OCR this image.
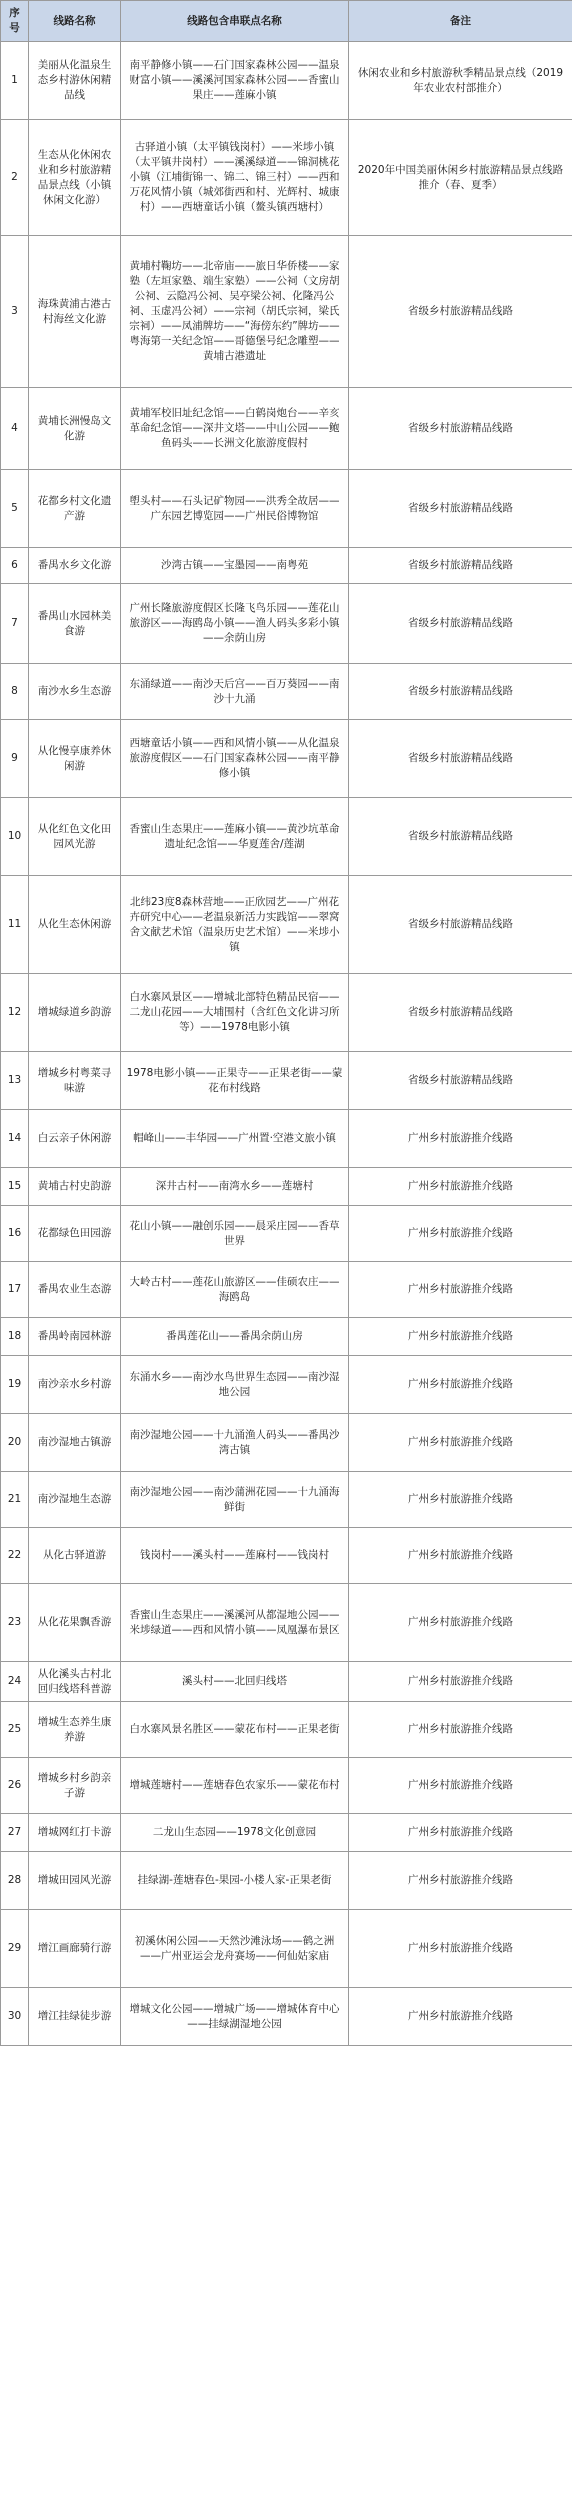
序号	线路名称	线路包含串联点名称	备注
1	美丽从化温泉生态乡村游休闲精品线	南平静修小镇——石门国家森林公园——温泉财富小镇——溪溪河国家森林公园——香蜜山果庄——莲麻小镇	休闲农业和乡村旅游秋季精品景点线（2019年农业农村部推介）
2	生态从化休闲农业和乡村旅游精品景点线（小镇休闲文化游）	古驿道小镇（太平镇钱岗村）——米埗小镇（太平镇井岗村）——溪溪绿道——锦洞桃花小镇（江埔街锦一、锦二、锦三村）——西和万花风情小镇（城郊街西和村、光辉村、城康村）——西塘童话小镇（鳌头镇西塘村）	2020年中国美丽休闲乡村旅游精品景点线路推介（春、夏季）
3	海珠黄浦古港古村海丝文化游	黄埔村鞠坊——北帝庙——旅日华侨楼——家塾（左垣家塾、端生家塾）——公祠（文房胡公祠、云隐冯公祠、吴亭梁公祠、化隆冯公祠、玉虚冯公祠）——宗祠（胡氏宗祠，梁氏宗祠）——凤浦牌坊——“海傍东约”牌坊——粤海第一关纪念馆——哥德堡号纪念雕塑——黄埔古港遗址	省级乡村旅游精品线路
4	黄埔长洲慢岛文化游	黄埔军校旧址纪念馆——白鹤岗炮台——辛亥革命纪念馆——深井文塔——中山公园——鲍鱼码头——长洲文化旅游度假村	省级乡村旅游精品线路
5	花都乡村文化遗产游	塱头村——石头记矿物园——洪秀全故居——广东园艺博览园——广州民俗博物馆	省级乡村旅游精品线路
6	番禺水乡文化游	沙湾古镇——宝墨园——南粤苑	省级乡村旅游精品线路
7	番禺山水园林美食游	广州长隆旅游度假区长隆飞鸟乐园——莲花山旅游区——海鸥岛小镇——渔人码头多彩小镇——余荫山房	省级乡村旅游精品线路
8	南沙水乡生态游	东涌绿道——南沙天后宫——百万葵园——南沙十九涌	省级乡村旅游精品线路
9	从化慢享康养休闲游	西塘童话小镇——西和风情小镇——从化温泉旅游度假区——石门国家森林公园——南平静修小镇	省级乡村旅游精品线路
10	从化红色文化田园风光游	香蜜山生态果庄——莲麻小镇——黄沙坑革命遗址纪念馆——华夏莲舍/莲湖	省级乡村旅游精品线路
11	从化生态休闲游	北纬23度8森林营地——正欣园艺——广州花卉研究中心——老温泉新活力实践馆——翠窝舍文献艺术馆（温泉历史艺术馆）——米埗小镇	省级乡村旅游精品线路
12	增城绿道乡韵游	白水寨风景区——增城北部特色精品民宿——二龙山花园——大埔围村（含红色文化讲习所等）——1978电影小镇	省级乡村旅游精品线路
13	增城乡村粤菜寻味游	1978电影小镇——正果寺——正果老街——蒙花布村线路	省级乡村旅游精品线路
14	白云亲子休闲游	帽峰山——丰华园——广州置·空港文旅小镇	广州乡村旅游推介线路
15	黄埔古村史韵游	深井古村——南湾水乡——莲塘村	广州乡村旅游推介线路
16	花都绿色田园游	花山小镇——融创乐园——晨采庄园——香草世界	广州乡村旅游推介线路
17	番禺农业生态游	大岭古村——莲花山旅游区——佳硕农庄——海鸥岛	广州乡村旅游推介线路
18	番禺岭南园林游	番禺莲花山——番禺余荫山房	广州乡村旅游推介线路
19	南沙亲水乡村游	东涌水乡——南沙水鸟世界生态园——南沙湿地公园	广州乡村旅游推介线路
20	南沙湿地古镇游	南沙湿地公园——十九涌渔人码头——番禺沙湾古镇	广州乡村旅游推介线路
21	南沙湿地生态游	南沙湿地公园——南沙蒲洲花园——十九涌海鲜街	广州乡村旅游推介线路
22	从化古驿道游	钱岗村——溪头村——莲麻村——钱岗村	广州乡村旅游推介线路
23	从化花果飘香游	香蜜山生态果庄——溪溪河从都湿地公园——米埗绿道——西和风情小镇——凤凰瀑布景区	广州乡村旅游推介线路
24	从化溪头古村北回归线塔科普游	溪头村——北回归线塔	广州乡村旅游推介线路
25	增城生态养生康养游	白水寨风景名胜区——蒙花布村——正果老街	广州乡村旅游推介线路
26	增城乡村乡韵亲子游	增城莲塘村——莲塘春色农家乐——蒙花布村	广州乡村旅游推介线路
27	增城网红打卡游	二龙山生态园——1978文化创意园	广州乡村旅游推介线路
28	增城田园风光游	挂绿湖-莲塘春色-果园-小楼人家-正果老街	广州乡村旅游推介线路
29	增江画廊骑行游	初溪休闲公园——天然沙滩泳场——鹤之洲——广州亚运会龙舟赛场——何仙姑家庙	广州乡村旅游推介线路
30	增江挂绿徒步游	增城文化公园——增城广场——增城体育中心——挂绿湖湿地公园	广州乡村旅游推介线路
